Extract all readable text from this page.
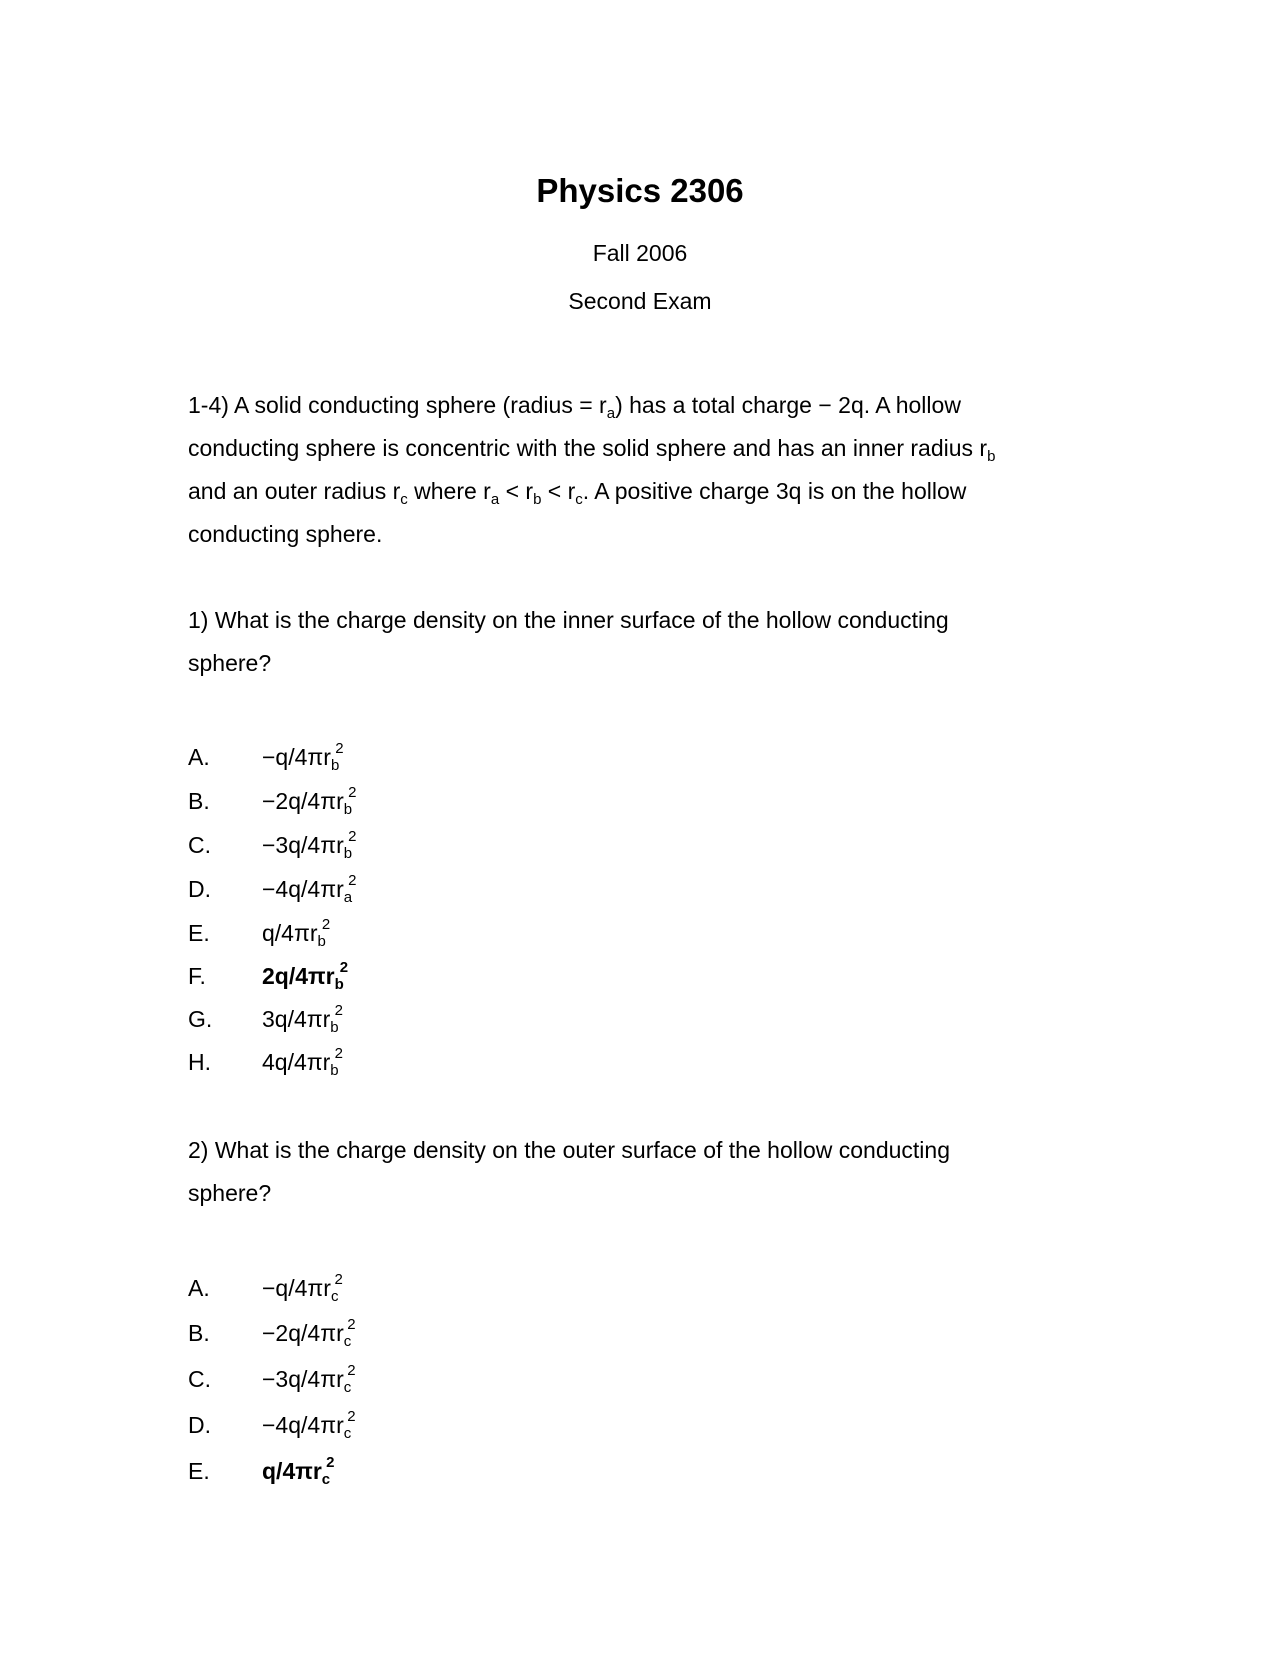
Physics 2306
Fall 2006
Second Exam
1-4) A solid conducting sphere (radius = $r_a$) has a total charge − 2q. A hollow
conducting sphere is concentric with the solid sphere and has an inner radius $r_b$
and an outer radius $r_c$ where $r_a < r_b < r_c$. A positive charge 3q is on the hollow
conducting sphere.
1) What is the charge density on the inner surface of the hollow conducting
sphere?
A. $-q/4\pi r_b^2$
B. $-2q/4\pi r_b^2$
C. $-3q/4\pi r_b^2$
D. $-4q/4\pi r_a^2$
E. $q/4\pi r_b^2$
F. $2q/4\pi r_b^2$
G. $3q/4\pi r_b^2$
H. $4q/4\pi r_b^2$
2) What is the charge density on the outer surface of the hollow conducting
sphere?
A. $-q/4\pi r_c^2$
B. $-2q/4\pi r_c^2$
C. $-3q/4\pi r_c^2$
D. $-4q/4\pi r_c^2$
E. $q/4\pi r_c^2$
